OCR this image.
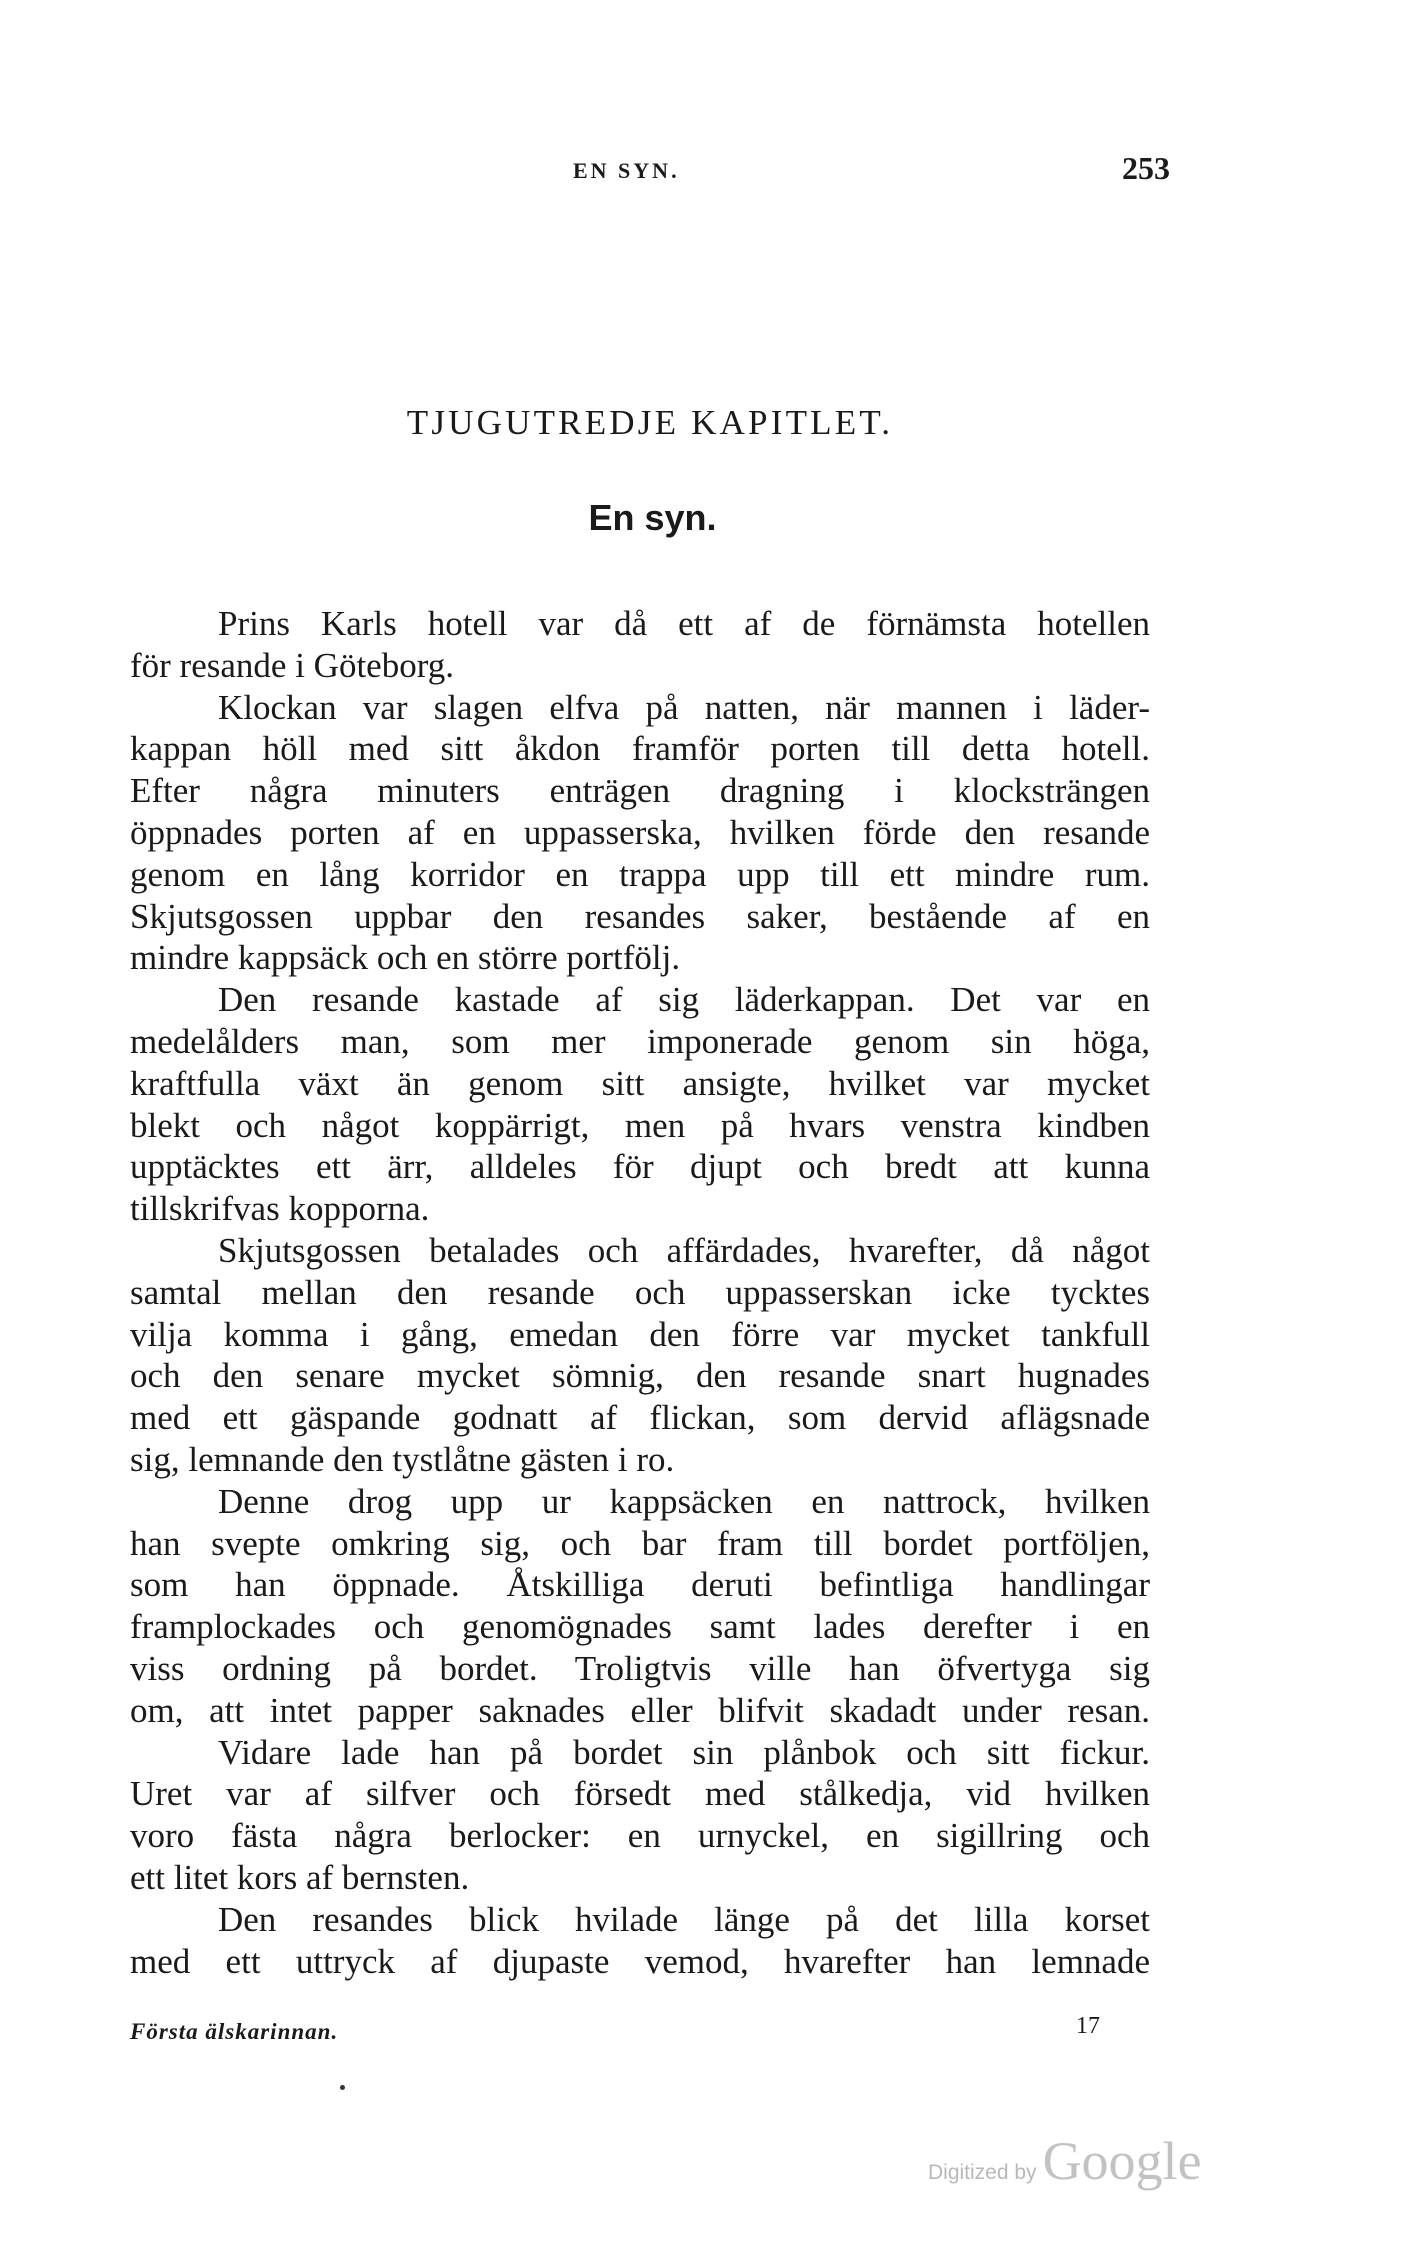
EN SYN.	253
TJUGUTREDJE KAPITLET.
En syn.
Prins Karls hotell var då ett af de förnämsta hotellen
för resande i Göteborg.
Klockan var slagen elfva på natten, när mannen i läder-
kappan höll med sitt åkdon framför porten till detta hotell.
Efter några minuters enträgen dragning i klocksträngen
öppnades porten af en uppasserska, hvilken förde den resande
genom en lång korridor en trappa upp till ett mindre rum.
Skjutsgossen uppbar den resandes saker, bestående af en
mindre kappsäck och en större portfölj.
Den resande kastade af sig läderkappan. Det var en
medelålders man, som mer imponerade genom sin höga,
kraftfulla växt än genom sitt ansigte, hvilket var mycket
blekt och något koppärrigt, men på hvars venstra kindben
upptäcktes ett ärr, alldeles för djupt och bredt att kunna
tillskrifvas kopporna.
Skjutsgossen betalades och affärdades, hvarefter, då något
samtal mellan den resande och uppasserskan icke tycktes
vilja komma i gång, emedan den förre var mycket tankfull
och den senare mycket sömnig, den resande snart hugnades
med ett gäspande godnatt af flickan, som dervid aflägsnade
sig, lemnande den tystlåtne gästen i ro.
Denne drog upp ur kappsäcken en nattrock, hvilken
han svepte omkring sig, och bar fram till bordet portföljen,
som han öppnade. Åtskilliga deruti befintliga handlingar
framplockades och genomögnades samt lades derefter i en
viss ordning på bordet. Troligtvis ville han öfvertyga sig
om, att intet papper saknades eller blifvit skadadt under resan.
Vidare lade han på bordet sin plånbok och sitt fickur.
Uret var af silfver och försedt med stålkedja, vid hvilken
voro fästa några berlocker: en urnyckel, en sigillring och
ett litet kors af bernsten.
Den resandes blick hvilade länge på det lilla korset
med ett uttryck af djupaste vemod, hvarefter han lemnade
Första älskarinnan.	17
Digitized by Google
